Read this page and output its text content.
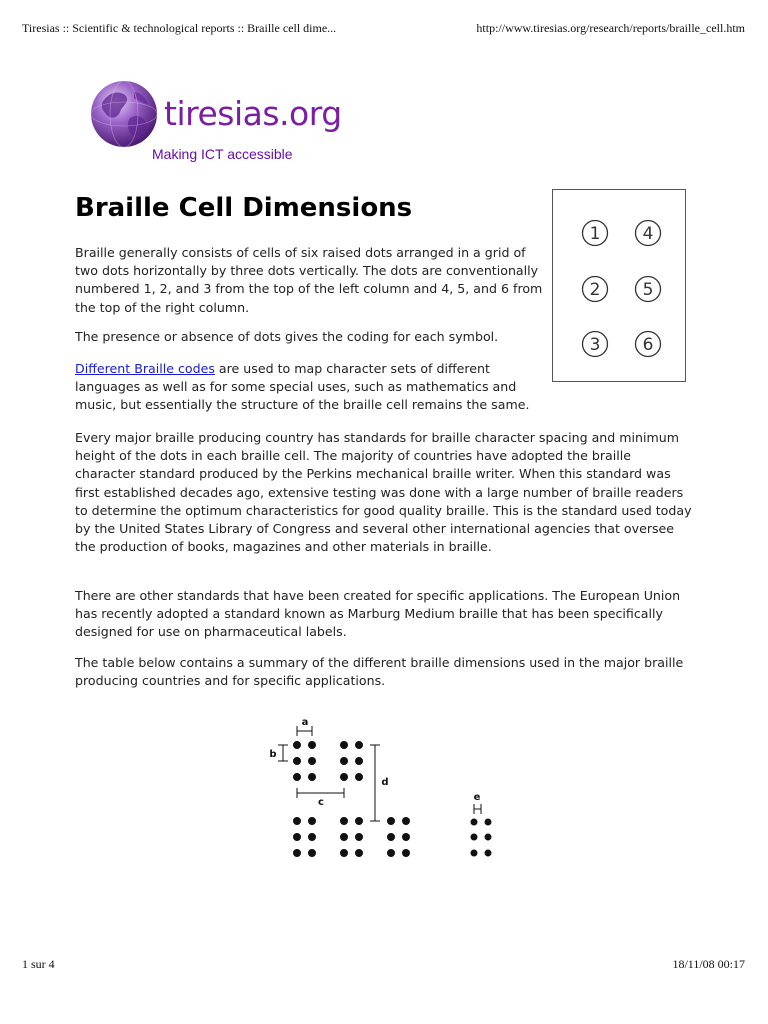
Tiresias :: Scientific & technological reports :: Braille cell dime...	http://www.tiresias.org/research/reports/braille_cell.htm
tiresias.org
Making ICT accessible
Braille Cell Dimensions

Braille generally consists of cells of six raised dots arranged in a grid of two dots horizontally by three dots vertically. The dots are conventionally numbered 1, 2, and 3 from the top of the left column and 4, 5, and 6 from the top of the right column.

The presence or absence of dots gives the coding for each symbol.

Different Braille codes are used to map character sets of different languages as well as for some special uses, such as mathematics and music, but essentially the structure of the braille cell remains the same.

Every major braille producing country has standards for braille character spacing and minimum height of the dots in each braille cell. The majority of countries have adopted the braille character standard produced by the Perkins mechanical braille writer. When this standard was first established decades ago, extensive testing was done with a large number of braille readers to determine the optimum characteristics for good quality braille. This is the standard used today by the United States Library of Congress and several other international agencies that oversee the production of books, magazines and other materials in braille.

There are other standards that have been created for specific applications. The European Union has recently adopted a standard known as Marburg Medium braille that has been specifically designed for use on pharmaceutical labels.

The table below contains a summary of the different braille dimensions used in the major braille producing countries and for specific applications.

1
2
3
4
5
6
a
b
c
d
e
1 sur 4	18/11/08 00:17
